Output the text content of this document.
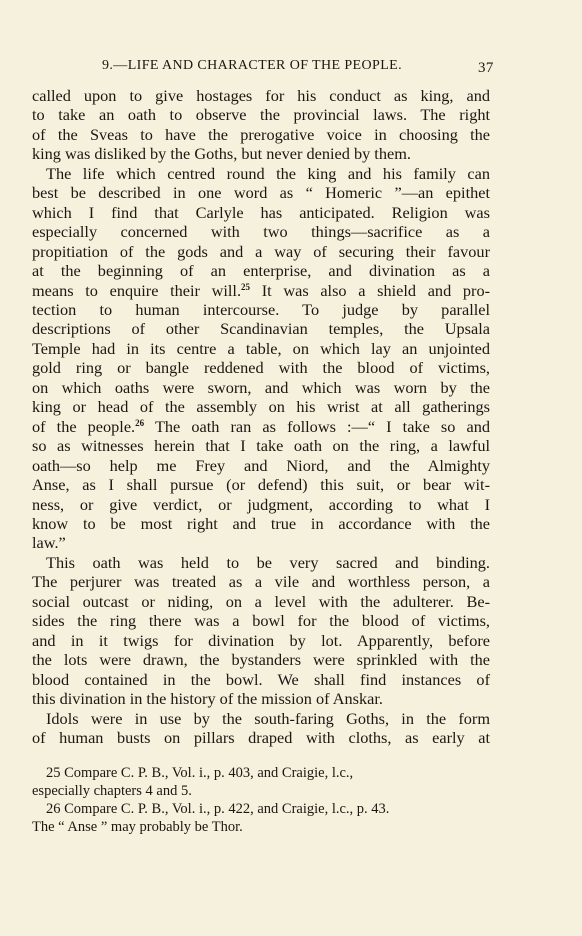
9.—LIFE AND CHARACTER OF THE PEOPLE.	37

called upon to give hostages for his conduct as king, and

to take an oath to observe the provincial laws. The right

of the Sveas to have the prerogative voice in choosing the

king was disliked by the Goths, but never denied by them.

The life which centred round the king and his family can

best be described in one word as “ Homeric ”—an epithet

which I find that Carlyle has anticipated. Religion was

especially concerned with two things—sacrifice as a

propitiation of the gods and a way of securing their favour

at the beginning of an enterprise, and divination as a

means to enquire their will.$^{25}$ It was also a shield and pro-

tection to human intercourse. To judge by parallel

descriptions of other Scandinavian temples, the Upsala

Temple had in its centre a table, on which lay an unjointed

gold ring or bangle reddened with the blood of victims,

on which oaths were sworn, and which was worn by the

king or head of the assembly on his wrist at all gatherings

of the people.$^{26}$ The oath ran as follows :—“ I take so and

so as witnesses herein that I take oath on the ring, a lawful

oath—so help me Frey and Niord, and the Almighty

Anse, as I shall pursue (or defend) this suit, or bear wit-

ness, or give verdict, or judgment, according to what I

know to be most right and true in accordance with the

law.”

This oath was held to be very sacred and binding.

The perjurer was treated as a vile and worthless person, a

social outcast or niding, on a level with the adulterer. Be-

sides the ring there was a bowl for the blood of victims,

and in it twigs for divination by lot. Apparently, before

the lots were drawn, the bystanders were sprinkled with the

blood contained in the bowl. We shall find instances of

this divination in the history of the mission of Anskar.

Idols were in use by the south-faring Goths, in the form

of human busts on pillars draped with cloths, as early at

25 Compare C. P. B., Vol. i., p. 403, and Craigie, l.c.,

especially chapters 4 and 5.

26 Compare C. P. B., Vol. i., p. 422, and Craigie, l.c., p. 43.

The “ Anse ” may probably be Thor.
